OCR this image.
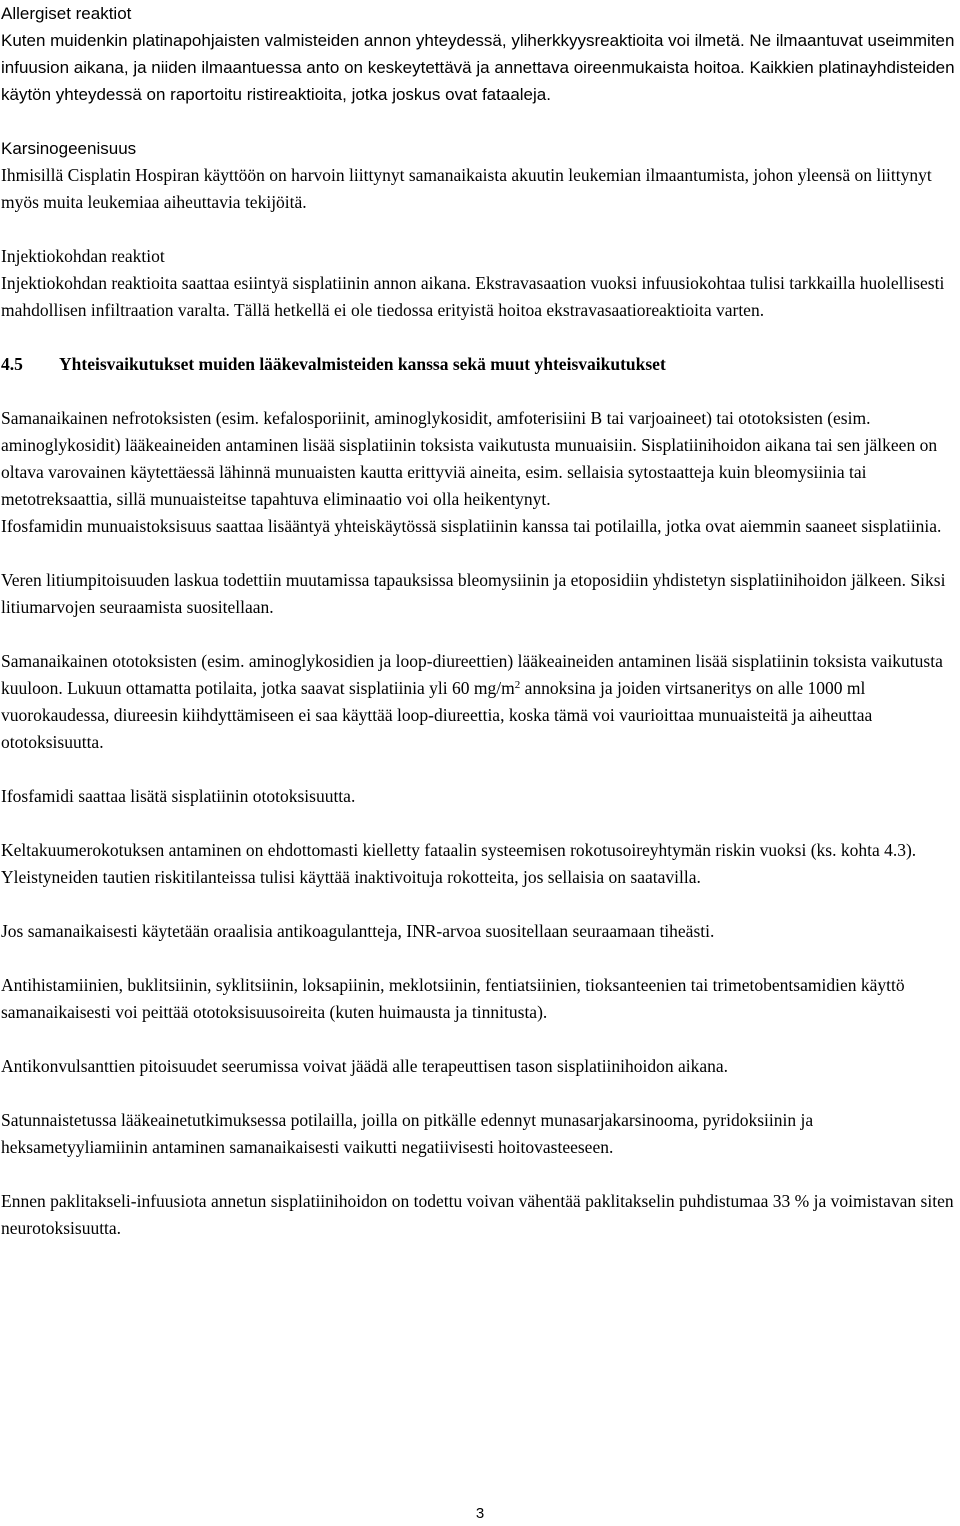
Allergiset reaktiot

Kuten muidenkin platinapohjaisten valmisteiden annon yhteydessä, yliherkkyysreaktioita voi ilmetä. Ne ilmaantuvat useimmiten infuusion aikana, ja niiden ilmaantuessa anto on keskeytettävä ja annettava oireenmukaista hoitoa. Kaikkien platinayhdisteiden käytön yhteydessä on raportoitu ristireaktioita, jotka joskus ovat fataaleja.

Karsinogeenisuus

Ihmisillä Cisplatin Hospiran käyttöön on harvoin liittynyt samanaikaista akuutin leukemian ilmaantumista, johon yleensä on liittynyt myös muita leukemiaa aiheuttavia tekijöitä.

Injektiokohdan reaktiot

Injektiokohdan reaktioita saattaa esiintyä sisplatiinin annon aikana. Ekstravasaation vuoksi infuusiokohtaa tulisi tarkkailla huolellisesti mahdollisen infiltraation varalta. Tällä hetkellä ei ole tiedossa erityistä hoitoa ekstravasaatioreaktioita varten.

4.5 Yhteisvaikutukset muiden lääkevalmisteiden kanssa sekä muut yhteisvaikutukset

Samanaikainen nefrotoksisten (esim. kefalosporiinit, aminoglykosidit, amfoterisiini B tai varjoaineet) tai ototoksisten (esim. aminoglykosidit) lääkeaineiden antaminen lisää sisplatiinin toksista vaikutusta munuaisiin. Sisplatiinihoidon aikana tai sen jälkeen on oltava varovainen käytettäessä lähinnä munuaisten kautta erittyviä aineita, esim. sellaisia sytostaatteja kuin bleomysiinia tai metotreksaattia, sillä munuaisteitse tapahtuva eliminaatio voi olla heikentynyt.

Ifosfamidin munuaistoksisuus saattaa lisääntyä yhteiskäytössä sisplatiinin kanssa tai potilailla, jotka ovat aiemmin saaneet sisplatiinia.

Veren litiumpitoisuuden laskua todettiin muutamissa tapauksissa bleomysiinin ja etoposidiin yhdistetyn sisplatiinihoidon jälkeen. Siksi litiumarvojen seuraamista suositellaan.

Samanaikainen ototoksisten (esim. aminoglykosidien ja loop-diureettien) lääkeaineiden antaminen lisää sisplatiinin toksista vaikutusta kuuloon. Lukuun ottamatta potilaita, jotka saavat sisplatiinia yli 60 $mg/m^2$ annoksina ja joiden virtsaneritys on alle 1000 ml vuorokaudessa, diureesin kiihdyttämiseen ei saa käyttää loop-diureettia, koska tämä voi vaurioittaa munuaisteitä ja aiheuttaa ototoksisuutta.

Ifosfamidi saattaa lisätä sisplatiinin ototoksisuutta.

Keltakuumerokotuksen antaminen on ehdottomasti kielletty fataalin systeemisen rokotusoireyhtymän riskin vuoksi (ks. kohta 4.3). Yleistyneiden tautien riskitilanteissa tulisi käyttää inaktivoituja rokotteita, jos sellaisia on saatavilla.

Jos samanaikaisesti käytetään oraalisia antikoagulantteja, INR-arvoa suositellaan seuraamaan tiheästi.

Antihistamiinien, buklitsiinin, syklitsiinin, loksapiinin, meklotsiinin, fentiatsiinien, tioksanteenien tai trimetobentsamidien käyttö samanaikaisesti voi peittää ototoksisuusoireita (kuten huimausta ja tinnitusta).

Antikonvulsanttien pitoisuudet seerumissa voivat jäädä alle terapeuttisen tason sisplatiinihoidon aikana.

Satunnaistetussa lääkeainetutkimuksessa potilailla, joilla on pitkälle edennyt munasarjakarsinooma, pyridoksiinin ja heksametyyliamiinin antaminen samanaikaisesti vaikutti negatiivisesti hoitovasteeseen.

Ennen paklitakseli-infuusiota annetun sisplatiinihoidon on todettu voivan vähentää paklitakselin puhdistumaa 33 % ja voimistavan siten neurotoksisuutta.

3
